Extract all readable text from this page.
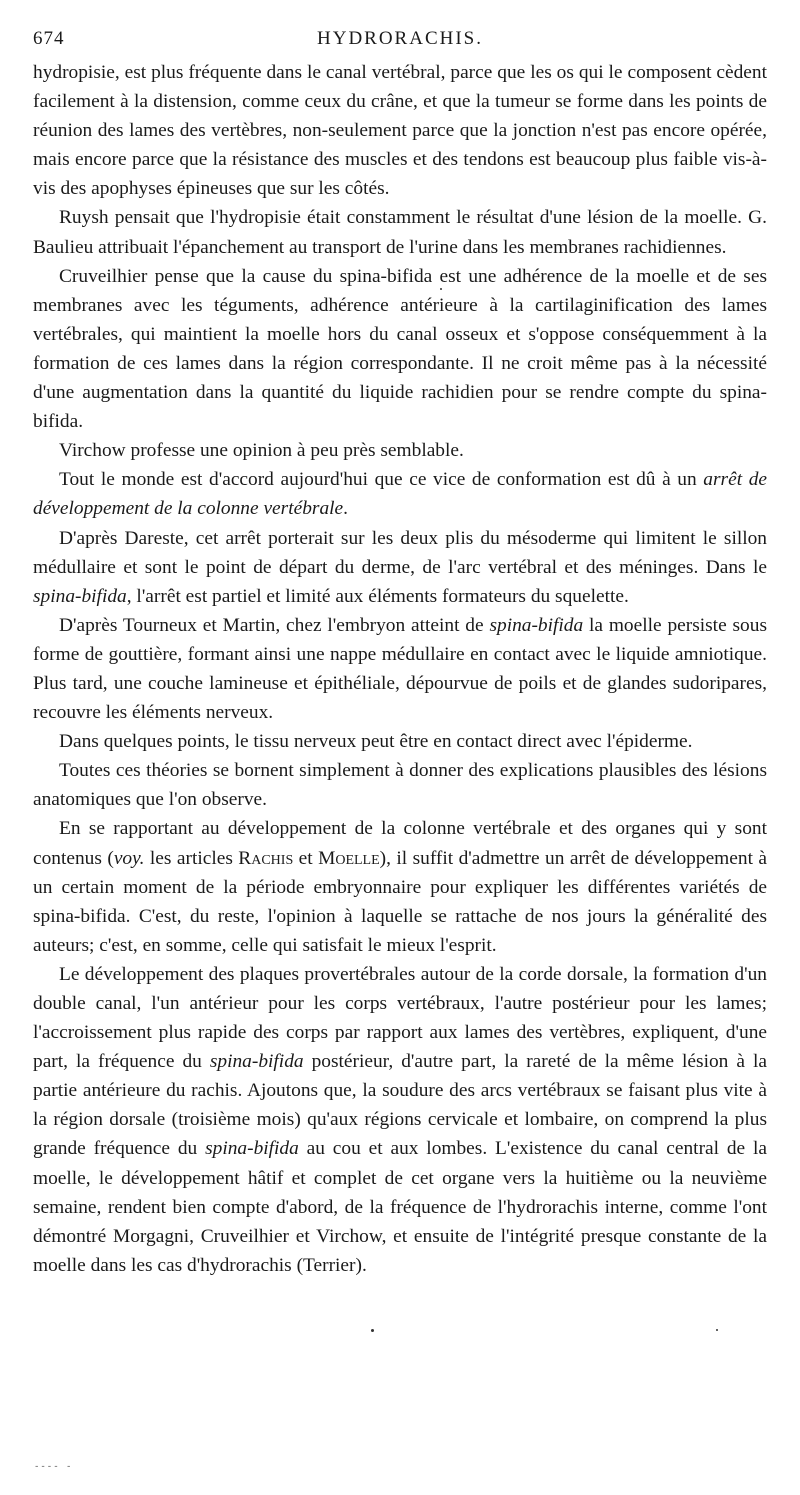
674	HYDRORACHIS.

hydropisie, est plus fréquente dans le canal vertébral, parce que les os qui le composent cèdent facilement à la distension, comme ceux du crâne, et que la tumeur se forme dans les points de réunion des lames des vertèbres, non-seulement parce que la jonction n'est pas encore opérée, mais encore parce que la résistance des muscles et des tendons est beaucoup plus faible vis-à-vis des apophyses épineuses que sur les côtés.

Ruysh pensait que l'hydropisie était constamment le résultat d'une lésion de la moelle. G. Baulieu attribuait l'épanchement au transport de l'urine dans les membranes rachidiennes.

Cruveilhier pense que la cause du spina-bifida est une adhérence de la moelle et de ses membranes avec les téguments, adhérence antérieure à la cartilaginification des lames vertébrales, qui maintient la moelle hors du canal osseux et s'oppose conséquemment à la formation de ces lames dans la région correspondante. Il ne croit même pas à la nécessité d'une augmentation dans la quantité du liquide rachidien pour se rendre compte du spina-bifida.

Virchow professe une opinion à peu près semblable.

Tout le monde est d'accord aujourd'hui que ce vice de conformation est dû à un arrêt de développement de la colonne vertébrale.

D'après Dareste, cet arrêt porterait sur les deux plis du mésoderme qui limitent le sillon médullaire et sont le point de départ du derme, de l'arc vertébral et des méninges. Dans le spina-bifida, l'arrêt est partiel et limité aux éléments formateurs du squelette.

D'après Tourneux et Martin, chez l'embryon atteint de spina-bifida la moelle persiste sous forme de gouttière, formant ainsi une nappe médullaire en contact avec le liquide amniotique. Plus tard, une couche lamineuse et épithéliale, dépourvue de poils et de glandes sudoripares, recouvre les éléments nerveux.

Dans quelques points, le tissu nerveux peut être en contact direct avec l'épiderme.

Toutes ces théories se bornent simplement à donner des explications plausibles des lésions anatomiques que l'on observe.

En se rapportant au développement de la colonne vertébrale et des organes qui y sont contenus (voy. les articles Rachis et Moelle), il suffit d'admettre un arrêt de développement à un certain moment de la période embryonnaire pour expliquer les différentes variétés de spina-bifida. C'est, du reste, l'opinion à laquelle se rattache de nos jours la généralité des auteurs; c'est, en somme, celle qui satisfait le mieux l'esprit.

Le développement des plaques provertébrales autour de la corde dorsale, la formation d'un double canal, l'un antérieur pour les corps vertébraux, l'autre postérieur pour les lames; l'accroissement plus rapide des corps par rapport aux lames des vertèbres, expliquent, d'une part, la fréquence du spina-bifida postérieur, d'autre part, la rareté de la même lésion à la partie antérieure du rachis. Ajoutons que, la soudure des arcs vertébraux se faisant plus vite à la région dorsale (troisième mois) qu'aux régions cervicale et lombaire, on comprend la plus grande fréquence du spina-bifida au cou et aux lombes. L'existence du canal central de la moelle, le développement hâtif et complet de cet organe vers la huitième ou la neuvième semaine, rendent bien compte d'abord, de la fréquence de l'hydrorachis interne, comme l'ont démontré Morgagni, Cruveilhier et Virchow, et ensuite de l'intégrité presque constante de la moelle dans les cas d'hydrorachis (Terrier).

---- -
